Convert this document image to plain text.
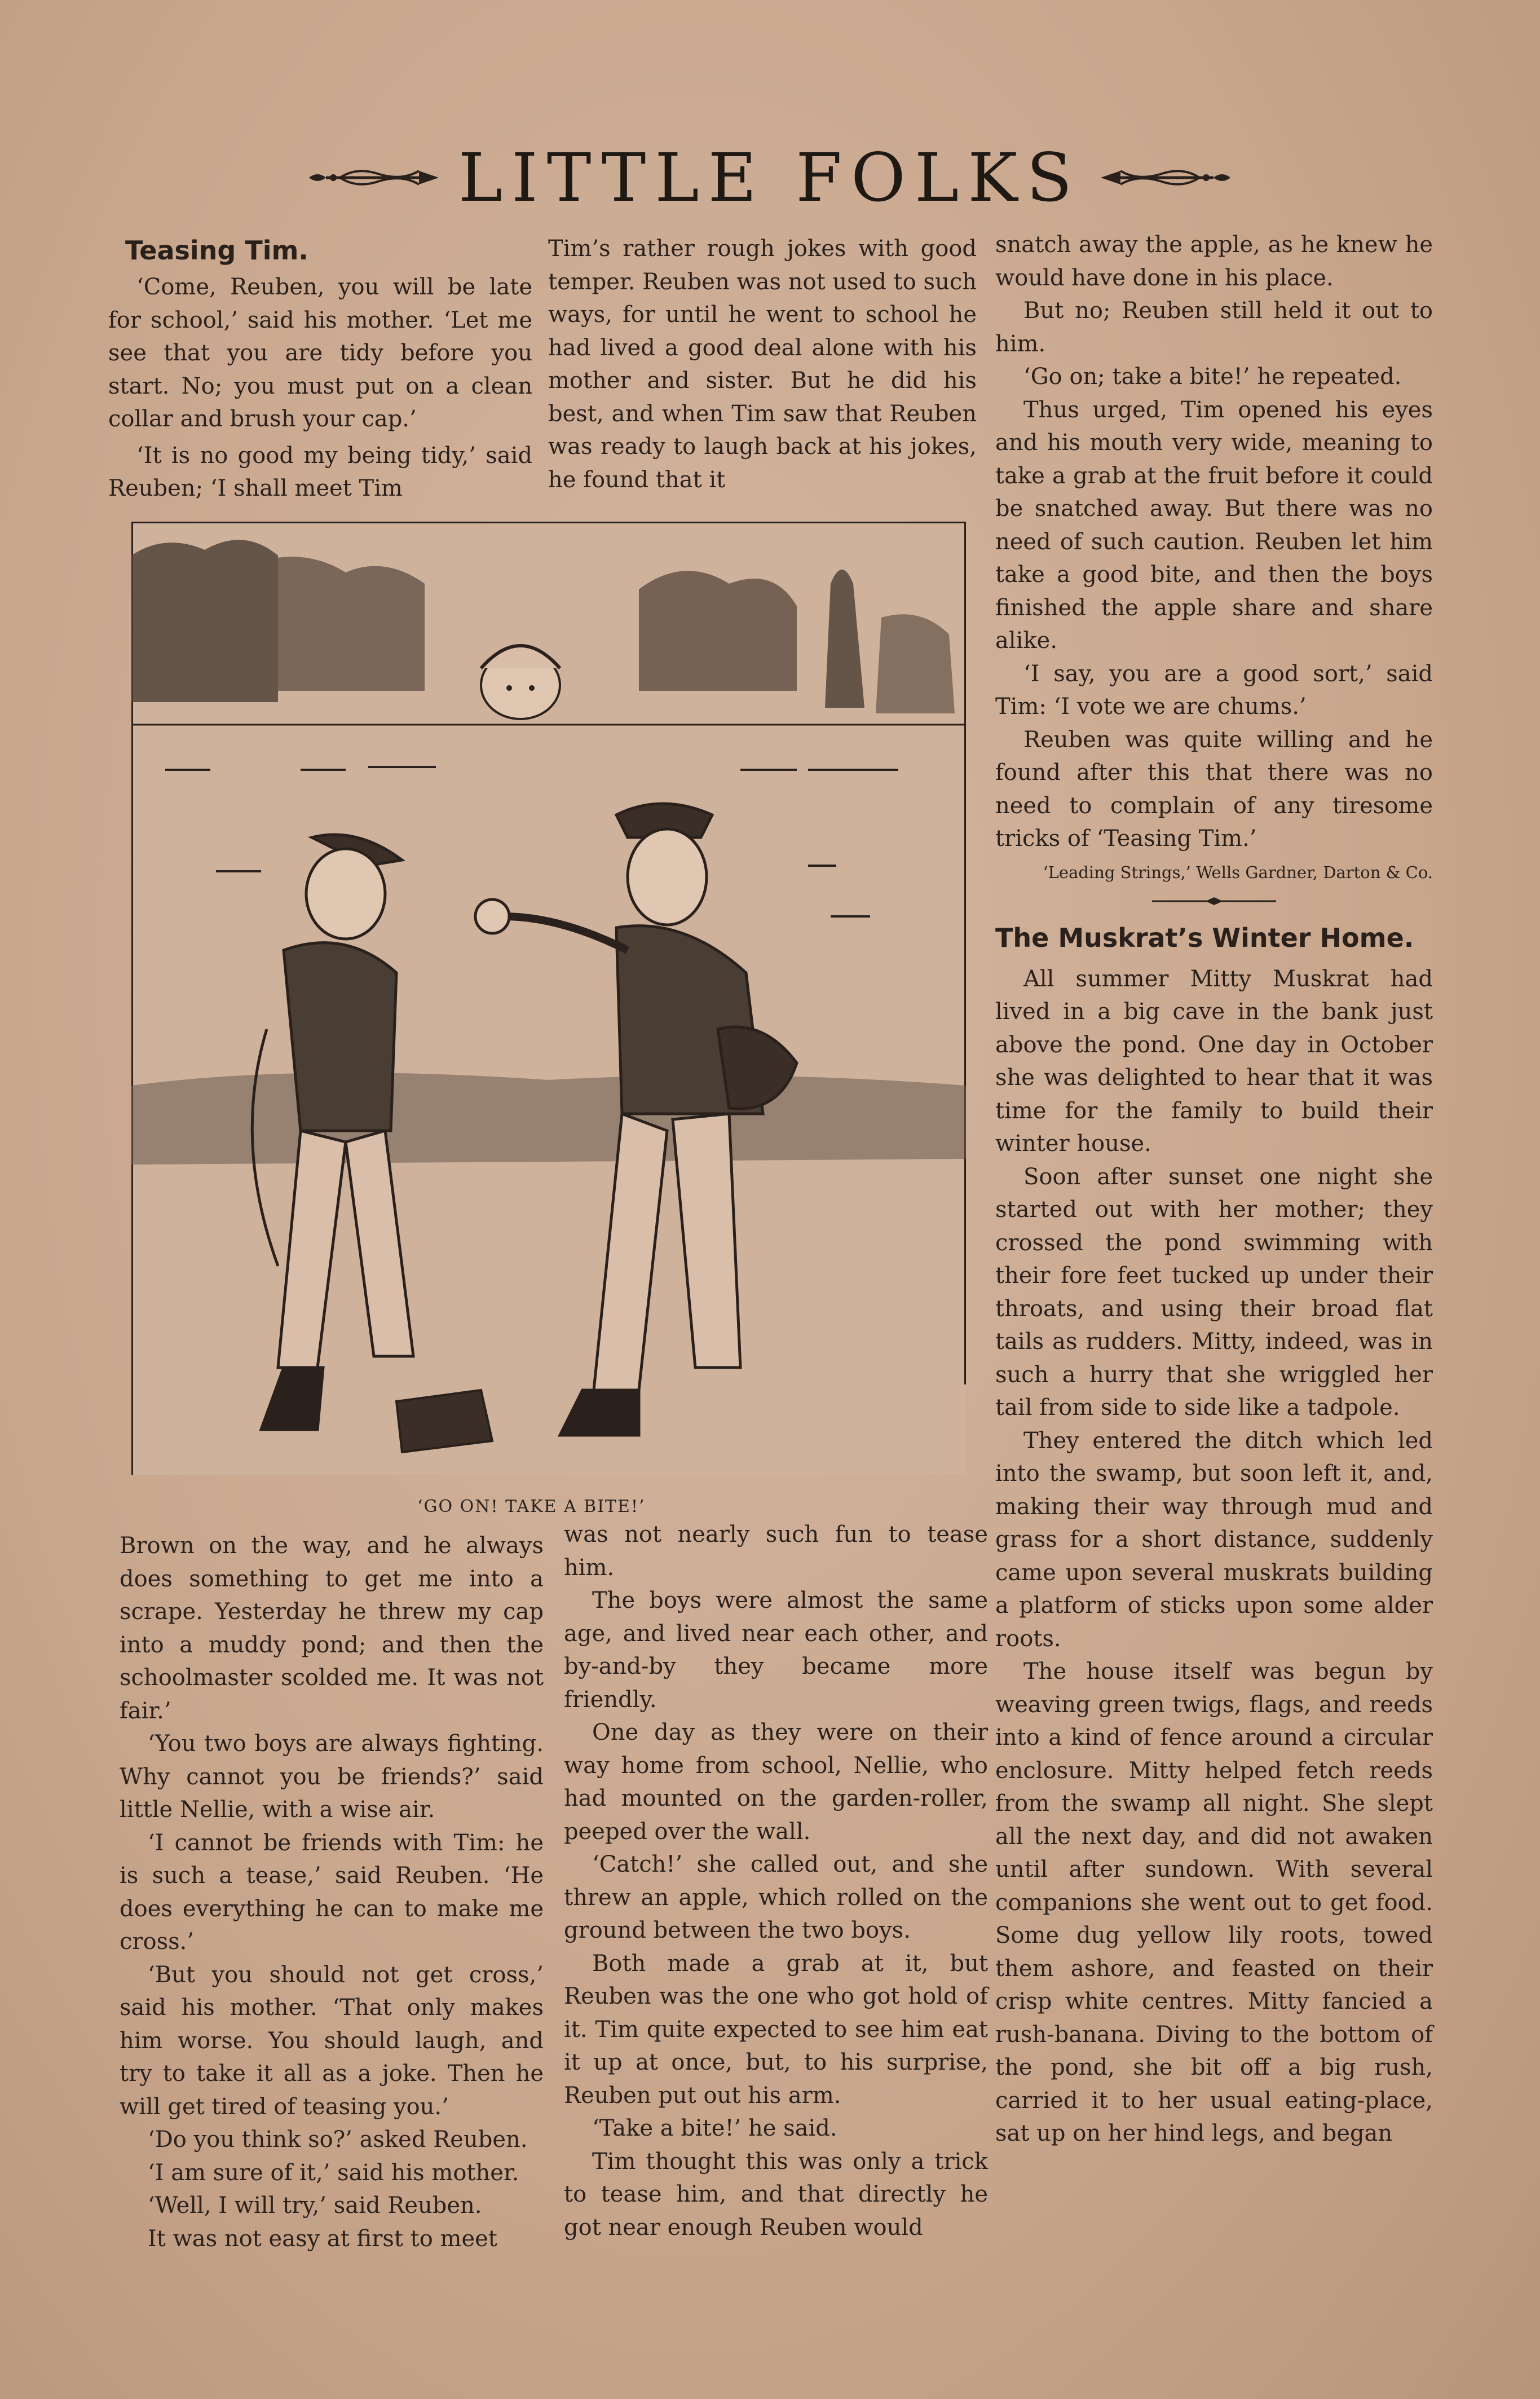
LITTLE FOLKS
Teasing Tim.

‘Come, Reuben, you will be late for school,’ said his mother. ‘Let me see that you are tidy before you start. No; you must put on a clean collar and brush your cap.’

‘It is no good my being tidy,’ said Reuben; ‘I shall meet Tim

Tim’s rather rough jokes with good temper. Reuben was not used to such ways, for until he went to school he had lived a good deal alone with his mother and sister. But he did his best, and when Tim saw that Reuben was ready to laugh back at his jokes, he found that it

snatch away the apple, as he knew he would have done in his place.

But no; Reuben still held it out to him.

‘Go on; take a bite!’ he repeated.

Thus urged, Tim opened his eyes and his mouth very wide, meaning to take a grab at the fruit before it could be snatched away. But there was no need of such caution. Reuben let him take a good bite, and then the boys finished the apple share and share alike.

‘I say, you are a good sort,’ said Tim: ‘I vote we are chums.’

Reuben was quite willing and he found after this that there was no need to complain of any tiresome tricks of ‘Teasing Tim.’

‘Leading Strings,’ Wells Gardner, Darton & Co.

The Muskrat’s Winter Home.

All summer Mitty Muskrat had lived in a big cave in the bank just above the pond. One day in October she was delighted to hear that it was time for the family to build their winter house.

Soon after sunset one night she started out with her mother; they crossed the pond swimming with their fore feet tucked up under their throats, and using their broad flat tails as rudders. Mitty, indeed, was in such a hurry that she wriggled her tail from side to side like a tadpole.

They entered the ditch which led into the swamp, but soon left it, and, making their way through mud and grass for a short distance, suddenly came upon several muskrats building a platform of sticks upon some alder roots.

The house itself was begun by weaving green twigs, flags, and reeds into a kind of fence around a circular enclosure. Mitty helped fetch reeds from the swamp all night. She slept all the next day, and did not awaken until after sundown. With several companions she went out to get food. Some dug yellow lily roots, towed them ashore, and feasted on their crisp white centres. Mitty fancied a rush-banana. Diving to the bottom of the pond, she bit off a big rush, carried it to her usual eating-place, sat up on her hind legs, and began

‘GO ON! TAKE A BITE!’

Brown on the way, and he always does something to get me into a scrape. Yesterday he threw my cap into a muddy pond; and then the schoolmaster scolded me. It was not fair.’

‘You two boys are always fighting. Why cannot you be friends?’ said little Nellie, with a wise air.

‘I cannot be friends with Tim: he is such a tease,’ said Reuben. ‘He does everything he can to make me cross.’

‘But you should not get cross,’ said his mother. ‘That only makes him worse. You should laugh, and try to take it all as a joke. Then he will get tired of teasing you.’

‘Do you think so?’ asked Reuben.

‘I am sure of it,’ said his mother.

‘Well, I will try,’ said Reuben.

It was not easy at first to meet

was not nearly such fun to tease him.

The boys were almost the same age, and lived near each other, and by-and-by they became more friendly.

One day as they were on their way home from school, Nellie, who had mounted on the garden-roller, peeped over the wall.

‘Catch!’ she called out, and she threw an apple, which rolled on the ground between the two boys.

Both made a grab at it, but Reuben was the one who got hold of it. Tim quite expected to see him eat it up at once, but, to his surprise, Reuben put out his arm.

‘Take a bite!’ he said.

Tim thought this was only a trick to tease him, and that directly he got near enough Reuben would
